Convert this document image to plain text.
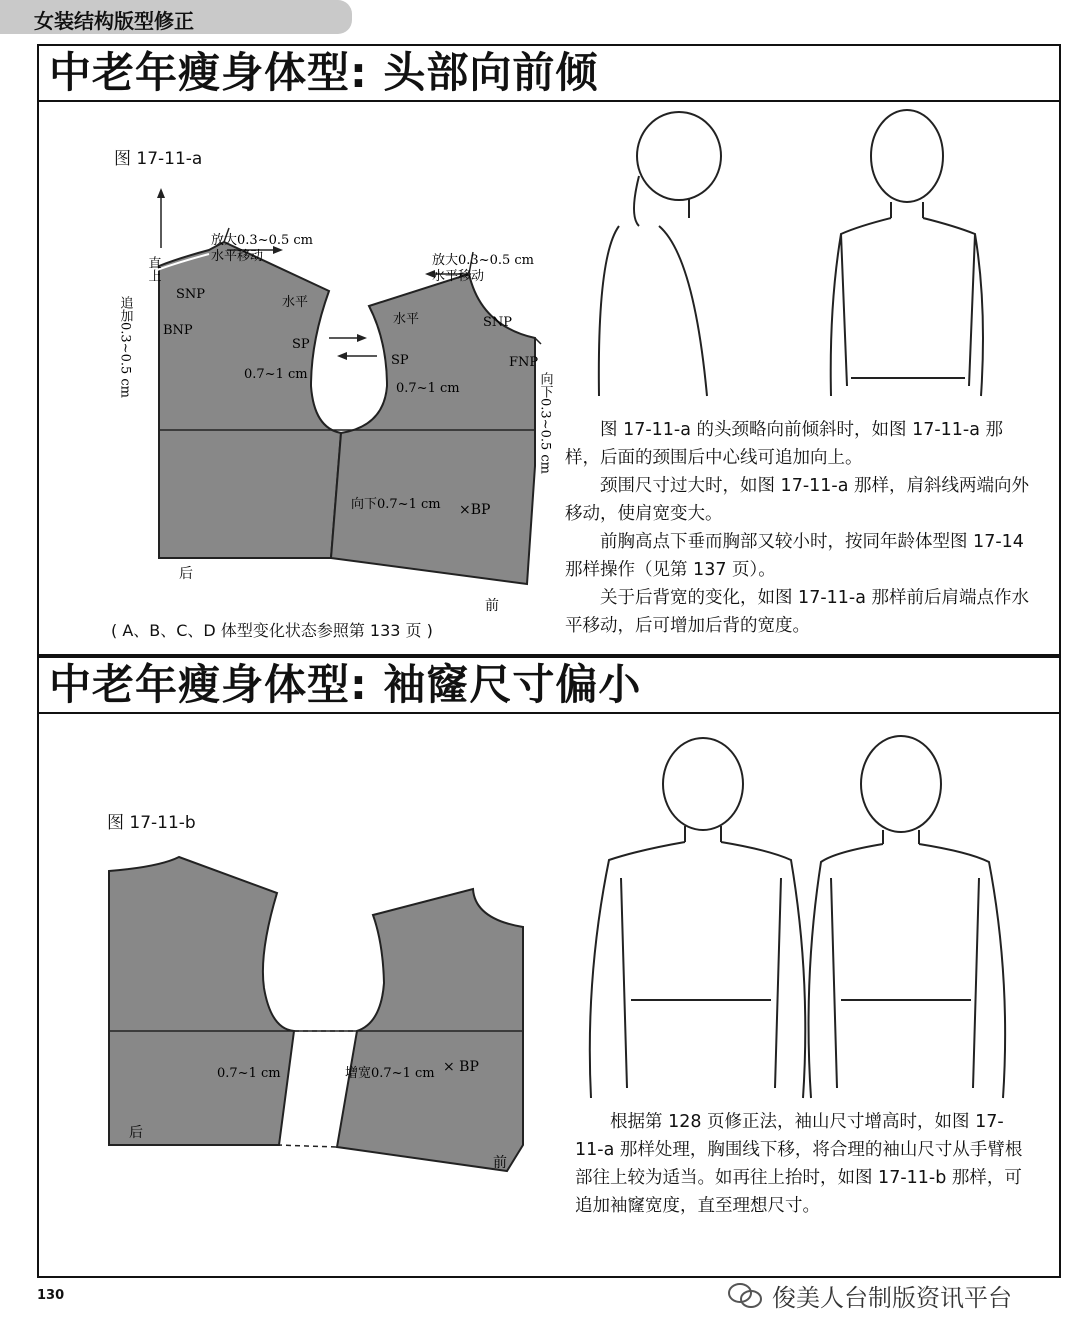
女装结构版型修正
中老年瘦身体型: 头部向前倾
图 17-11-a
直上
放大0.3~0.5 cm
水平移动
SNP
水平
追加0.3~0.5 cm BNP
SP
0.7~1 cm
放大0.3~0.5 cm
水平移动
水平	SNP
SP	FNP
0.7~1 cm	向下0.3~0.5 cm
向下0.7~1 cm ×BP
后
前
( A、B、C、D 体型变化状态参照第 133 页 )

图 17-11-a 的头颈略向前倾斜时，如图 17-11-a 那样，后面的颈围后中心线可追加向上。

颈围尺寸过大时，如图 17-11-a 那样，肩斜线两端向外移动，使肩宽变大。

前胸高点下垂而胸部又较小时，按同年龄体型图 17-14 那样操作（见第 137 页）。

关于后背宽的变化，如图 17-11-a 那样前后肩端点作水平移动，后可增加后背的宽度。

中老年瘦身体型: 袖窿尺寸偏小
图 17-11-b
0.7~1 cm	增宽0.7~1 cm × BP
后
前

根据第 128 页修正法，袖山尺寸增高时，如图 17-11-a 那样处理，胸围线下移，将合理的袖山尺寸从手臂根部往上较为适当。如再往上抬时，如图 17-11-b 那样，可追加袖窿宽度，直至理想尺寸。

130	俊美人台制版资讯平台
